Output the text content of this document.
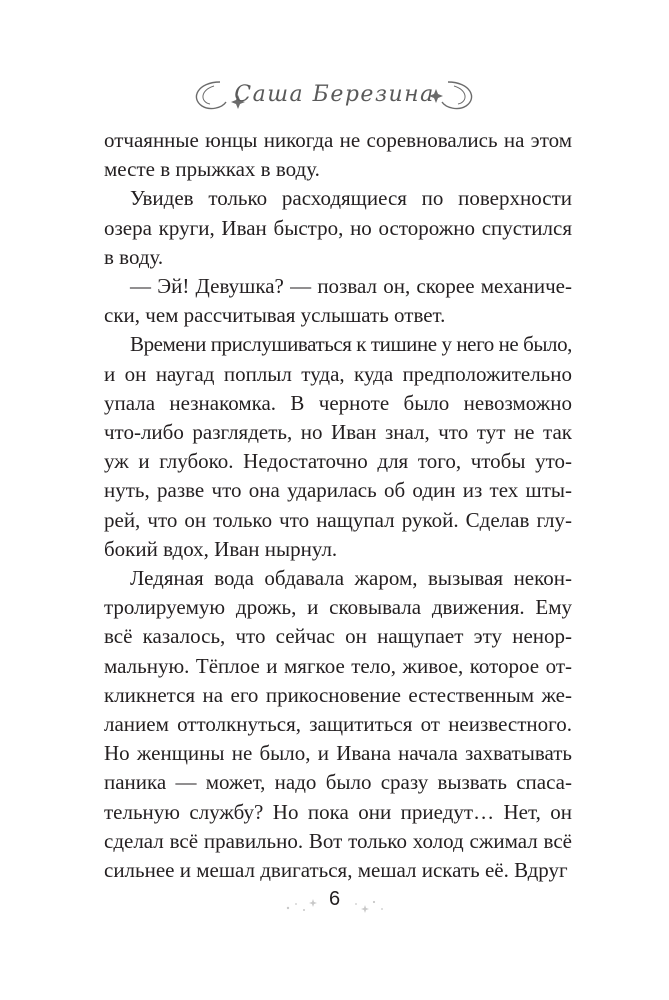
Саша Березина

отчаянные юнцы никогда не соревновались на этом
месте в прыжках в воду.

Увидев только расходящиеся по поверхности
озера круги, Иван быстро, но осторожно спустился
в воду.

— Эй! Девушка? — позвал он, скорее механиче-
ски, чем рассчитывая услышать ответ.

Времени прислушиваться к тишине у него не было,
и он наугад поплыл туда, куда предположительно
упала незнакомка. В черноте было невозможно
что-либо разглядеть, но Иван знал, что тут не так
уж и глубоко. Недостаточно для того, чтобы уто-
нуть, разве что она ударилась об один из тех шты-
рей, что он только что нащупал рукой. Сделав глу-
бокий вдох, Иван нырнул.

Ледяная вода обдавала жаром, вызывая некон-
тролируемую дрожь, и сковывала движения. Ему
всё казалось, что сейчас он нащупает эту ненор-
мальную. Тёплое и мягкое тело, живое, которое от-
кликнется на его прикосновение естественным же-
ланием оттолкнуться, защититься от неизвестного.
Но женщины не было, и Ивана начала захватывать
паника — может, надо было сразу вызвать спаса-
тельную службу? Но пока они приедут… Нет, он
сделал всё правильно. Вот только холод сжимал всё
сильнее и мешал двигаться, мешал искать её. Вдруг

6
